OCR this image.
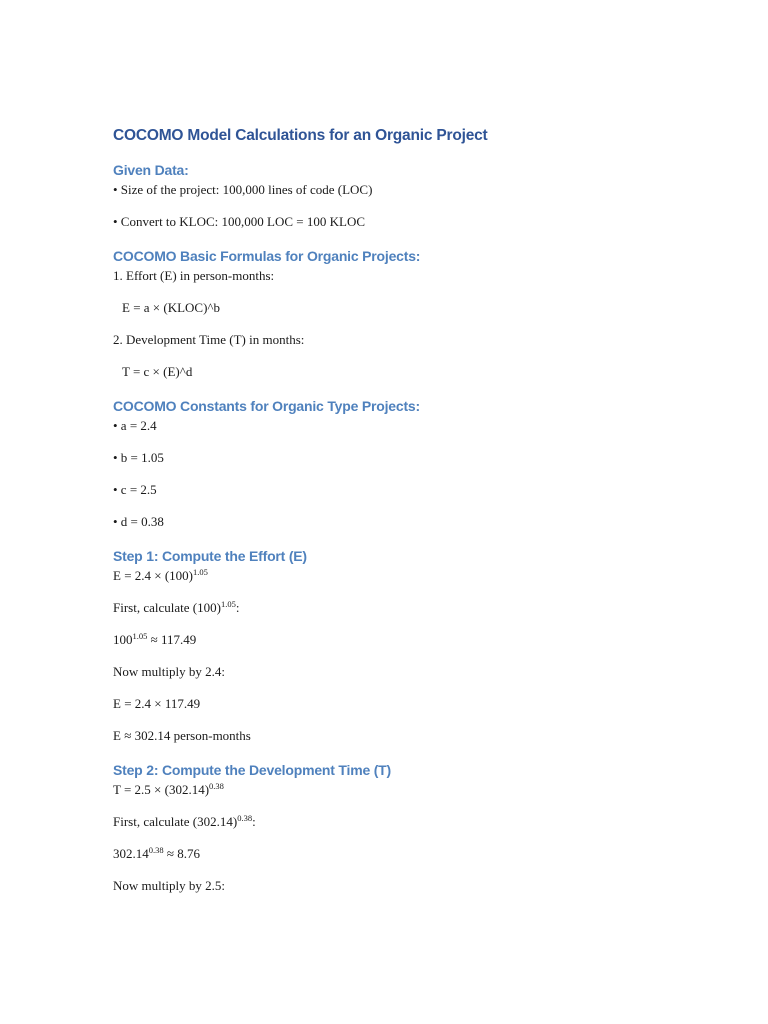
COCOMO Model Calculations for an Organic Project
Given Data:

• Size of the project: 100,000 lines of code (LOC)

• Convert to KLOC: 100,000 LOC = 100 KLOC

COCOMO Basic Formulas for Organic Projects:

1. Effort (E) in person-months:

E = a × (KLOC)^b

2. Development Time (T) in months:

T = c × (E)^d

COCOMO Constants for Organic Type Projects:

• a = 2.4

• b = 1.05

• c = 2.5

• d = 0.38

Step 1: Compute the Effort (E)

$E = 2.4 \times (100)^{1.05}$

First, calculate $(100)^{1.05}$:

$100^{1.05} \approx 117.49$

Now multiply by 2.4:

E = 2.4 × 117.49

E ≈ 302.14 person-months

Step 2: Compute the Development Time (T)

$T = 2.5 \times (302.14)^{0.38}$

First, calculate $(302.14)^{0.38}$:

$302.14^{0.38} \approx 8.76$

Now multiply by 2.5:
